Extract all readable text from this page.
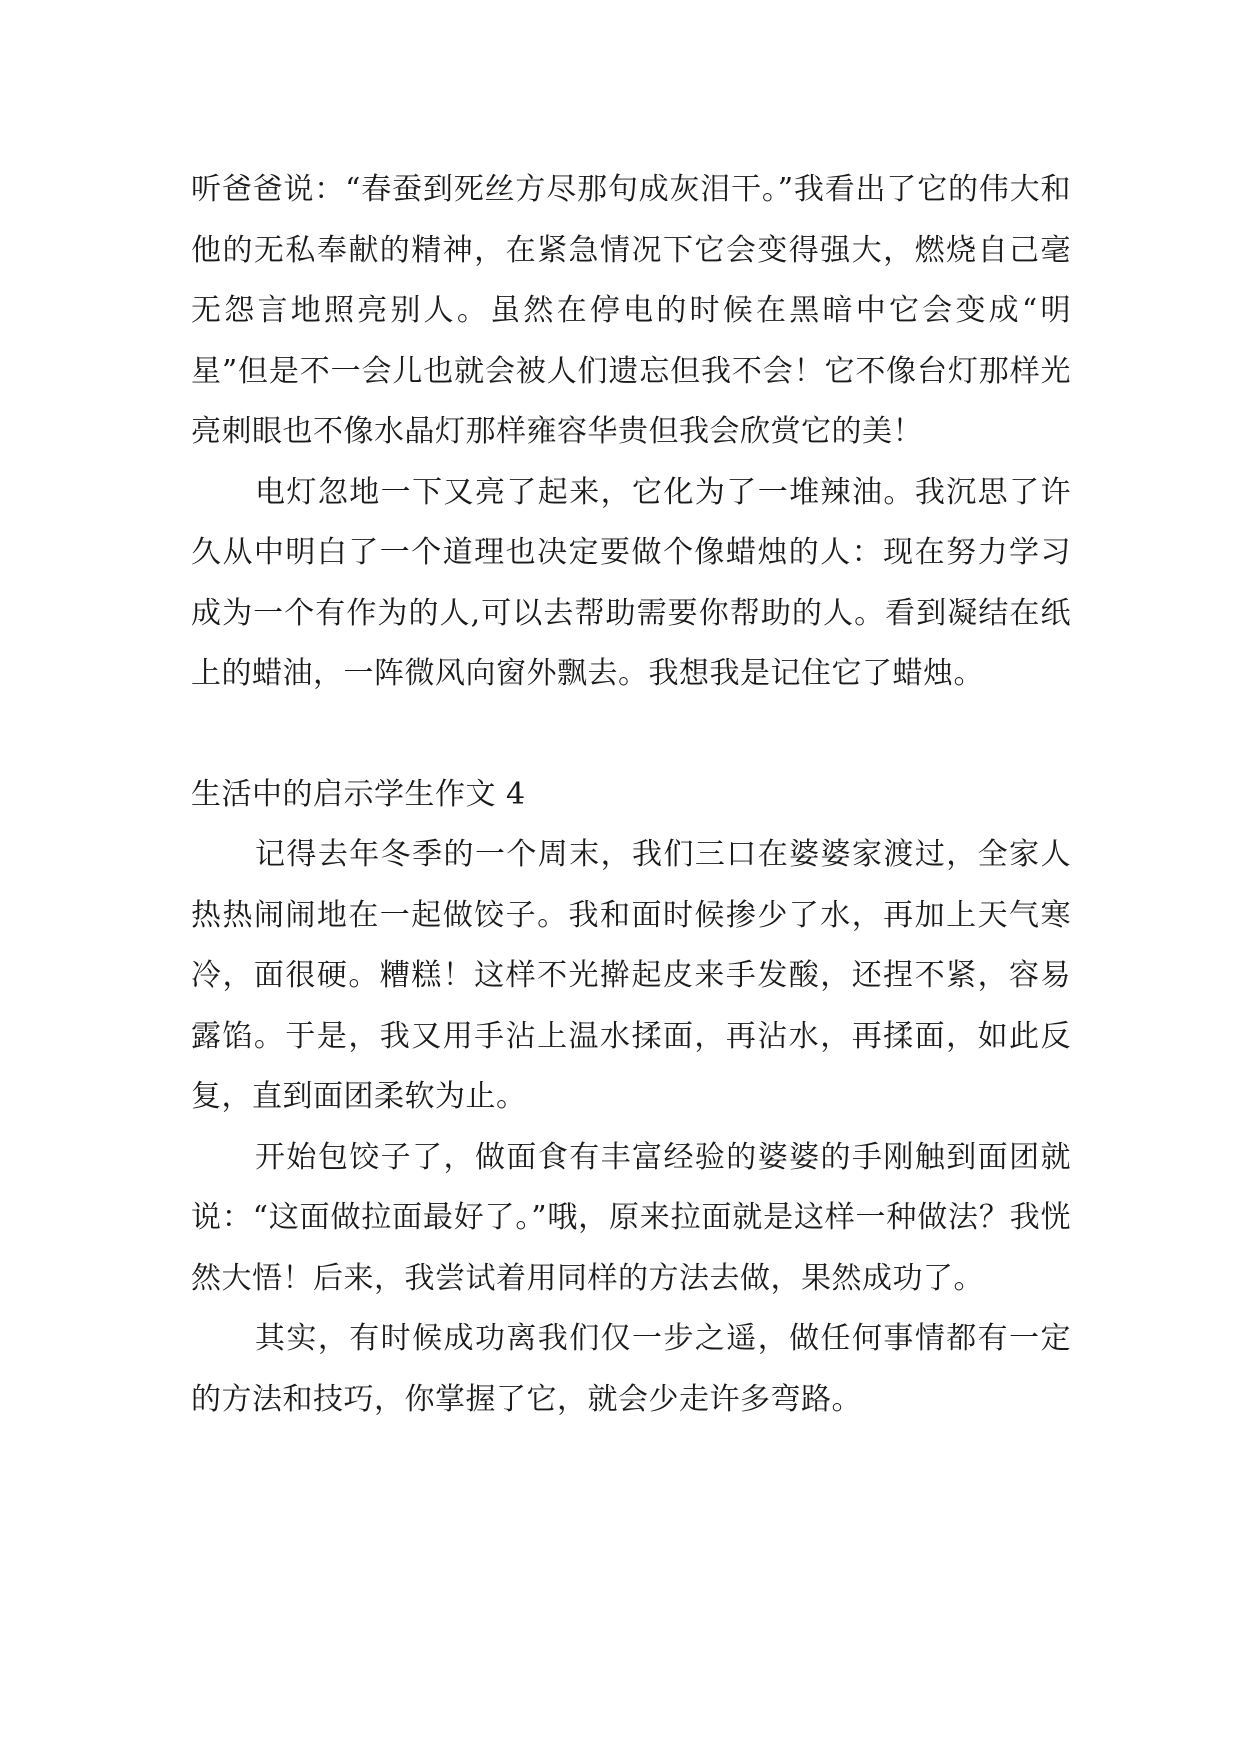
听爸爸说：“春蚕到死丝方尽那句成灰泪干。”我看出了它的伟大和他的无私奉献的精神，在紧急情况下它会变得强大，燃烧自己毫无怨言地照亮别人。虽然在停电的时候在黑暗中它会变成“明星”但是不一会儿也就会被人们遗忘但我不会！它不像台灯那样光亮刺眼也不像水晶灯那样雍容华贵但我会欣赏它的美！

电灯忽地一下又亮了起来，它化为了一堆辣油。我沉思了许久从中明白了一个道理也决定要做个像蜡烛的人：现在努力学习成为一个有作为的人,可以去帮助需要你帮助的人。看到凝结在纸上的蜡油，一阵微风向窗外飘去。我想我是记住它了蜡烛。

生活中的启示学生作文 4

记得去年冬季的一个周末，我们三口在婆婆家渡过，全家人热热闹闹地在一起做饺子。我和面时候掺少了水，再加上天气寒冷，面很硬。糟糕！这样不光擀起皮来手发酸，还捏不紧，容易露馅。于是，我又用手沾上温水揉面，再沾水，再揉面，如此反复，直到面团柔软为止。

开始包饺子了，做面食有丰富经验的婆婆的手刚触到面团就说：“这面做拉面最好了。”哦，原来拉面就是这样一种做法？我恍然大悟！后来，我尝试着用同样的方法去做，果然成功了。

其实，有时候成功离我们仅一步之遥，做任何事情都有一定的方法和技巧，你掌握了它，就会少走许多弯路。
